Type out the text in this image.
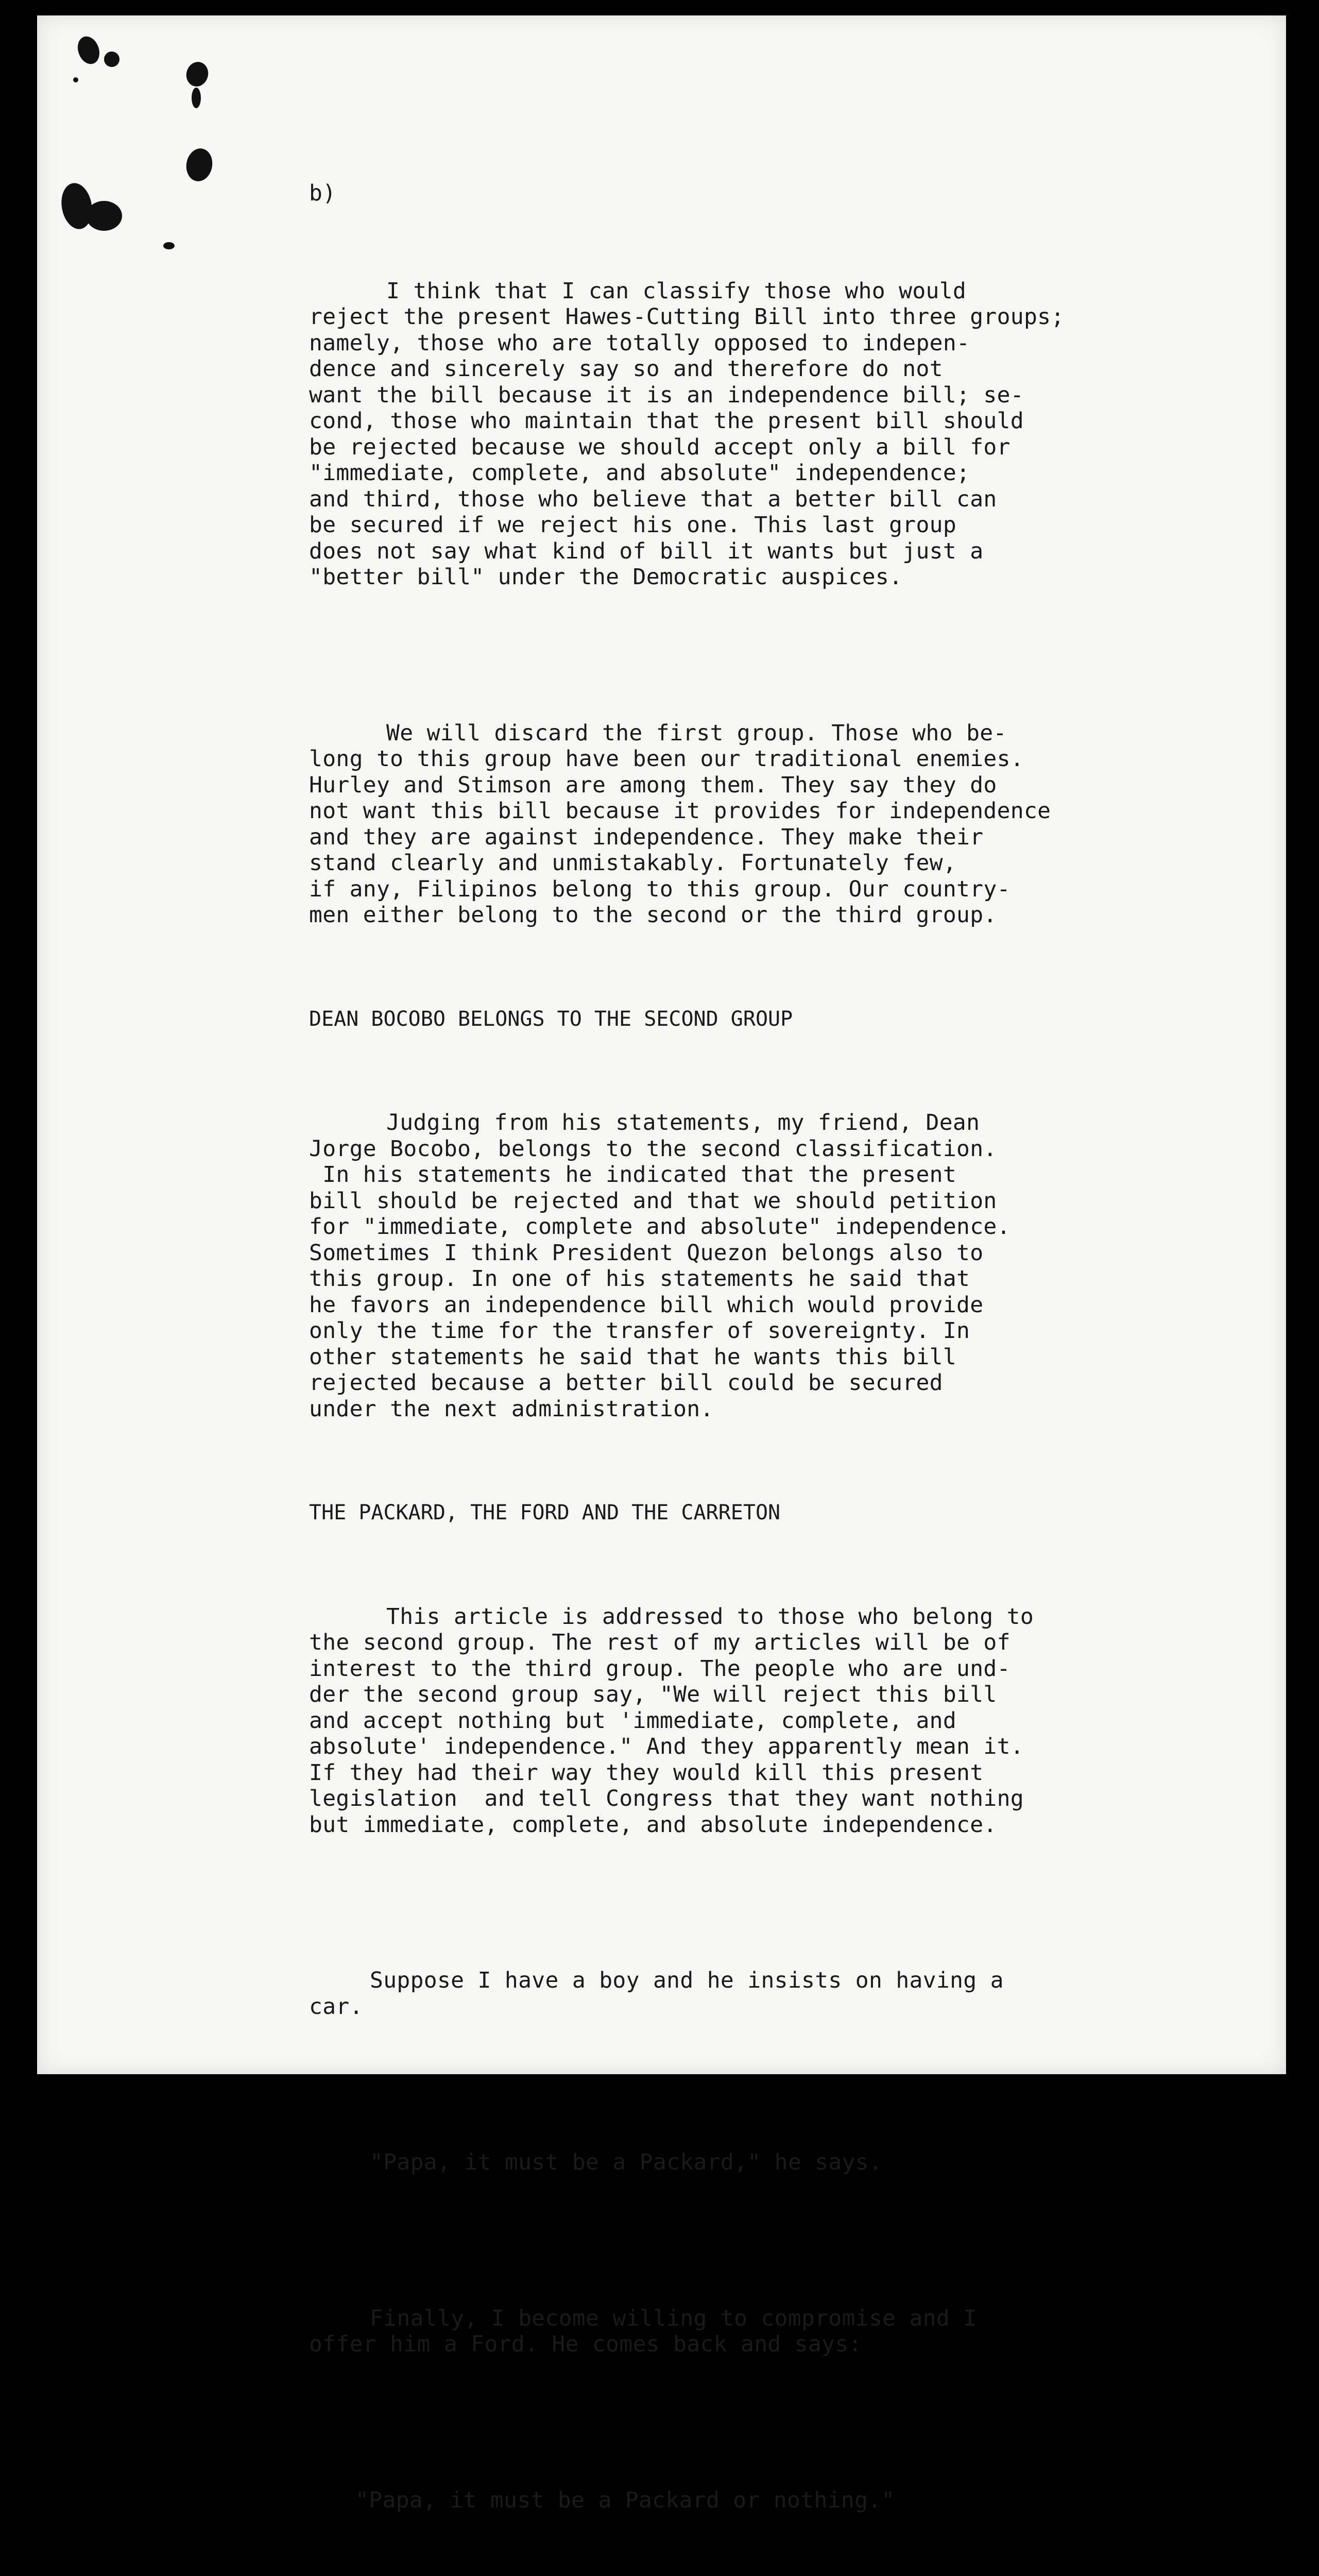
b)

I think that I can classify those who would
reject the present Hawes-Cutting Bill into three groups;
namely, those who are totally opposed to indepen-
dence and sincerely say so and therefore do not
want the bill because it is an independence bill; se-
cond, those who maintain that the present bill should
be rejected because we should accept only a bill for
"immediate, complete, and absolute" independence;
and third, those who believe that a better bill can
be secured if we reject his one. This last group
does not say what kind of bill it wants but just a
"better bill" under the Democratic auspices.

We will discard the first group. Those who be-
long to this group have been our traditional enemies.
Hurley and Stimson are among them. They say they do
not want this bill because it provides for independence
and they are against independence. They make their
stand clearly and unmistakably. Fortunately few,
if any, Filipinos belong to this group. Our country-
men either belong to the second or the third group.

DEAN BOCOBO BELONGS TO THE SECOND GROUP

Judging from his statements, my friend, Dean
Jorge Bocobo, belongs to the second classification.
In his statements he indicated that the present
bill should be rejected and that we should petition
for "immediate, complete and absolute" independence.
Sometimes I think President Quezon belongs also to
this group. In one of his statements he said that
he favors an independence bill which would provide
only the time for the transfer of sovereignty. In
other statements he said that he wants this bill
rejected because a better bill could be secured
under the next administration.

THE PACKARD, THE FORD AND THE CARRETON

This article is addressed to those who belong to
the second group. The rest of my articles will be of
interest to the third group. The people who are und-
der the second group say, "We will reject this bill
and accept nothing but 'immediate, complete, and
absolute' independence." And they apparently mean it.
If they had their way they would kill this present
legislation  and tell Congress that they want nothing
but immediate, complete, and absolute independence.

Suppose I have a boy and he insists on having a
car.

"Papa, it must be a Packard," he says.

Finally, I become willing to compromise and I
offer him a Ford. He comes back and says:

"Papa, it must be a Packard or nothing."
